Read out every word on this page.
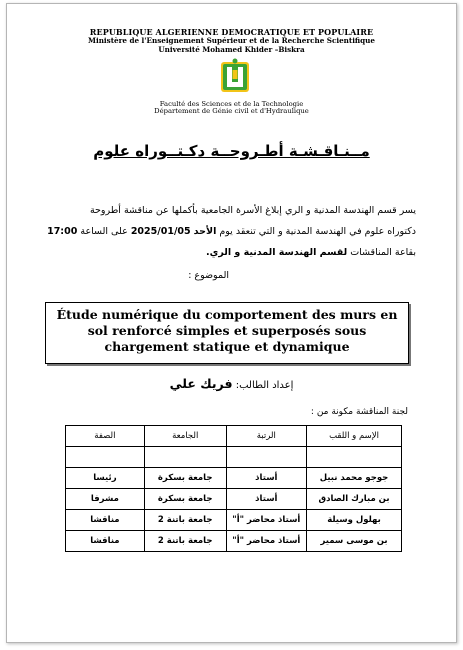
REPUBLIQUE ALGERIENNE DEMOCRATIQUE ET POPULAIRE
Ministère de l'Enseignement Supérieur et de la Recherche Scientifique
Université Mohamed Khider –Biskra
Faculté des Sciences et de la Technologie
Département de Génie civil et d'Hydraulique
مــنـاقـشـة أطـروحــة دكـتــوراه علوم
يسر قسم الهندسة المدنية و الري إبلاغ الأسرة الجامعية بأكملها عن مناقشة أطروحة
دكتوراه علوم في الهندسة المدنية و التي تنعقد يوم الأحد 2025/01/05 على الساعة 17:00
بقاعة المناقشات لقسم الهندسة المدنية و الري.
الموضوع :
Étude numérique du comportement des murs en sol renforcé simples et superposés sous chargement statique et dynamique
إعداد الطالب: فريك علي
لجنة المناقشة مكونة من :
الإسم و اللقب	الرتبة	الجامعة	الصفة

جوجو محمد نبيل	أستاذ	جامعة بسكرة	رئيسا
بن مبارك الصادق	أستاذ	جامعة بسكرة	مشرفا
بهلول وسيلة	أستاذ محاضر "أ"	جامعة باتنة 2	مناقشا
بن موسى سمير	أستاذ محاضر "أ"	جامعة باتنة 2	مناقشا
